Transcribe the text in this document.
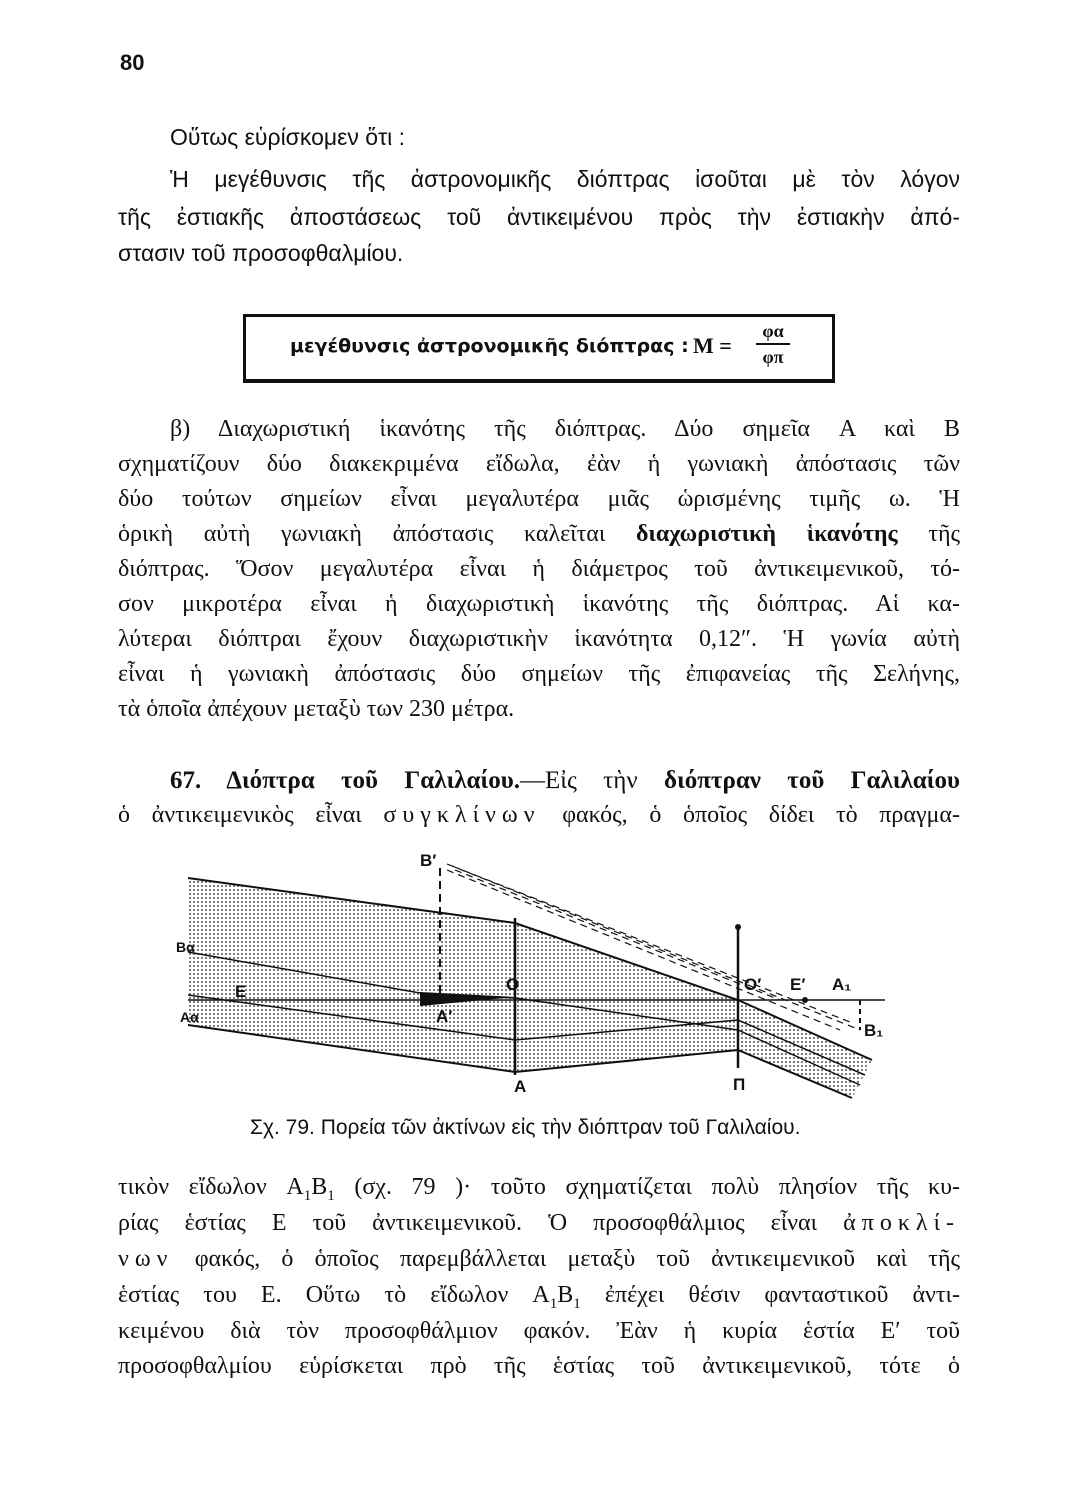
80
Οὕτως εὑρίσκομεν ὅτι :
Ἡ μεγέθυνσις τῆς ἀστρονομικῆς διόπτρας ἰσοῦται μὲ τὸν λόγον
τῆς ἐστιακῆς ἀποστάσεως τοῦ ἀντικειμένου πρὸς τὴν ἐστιακὴν ἀπό-
στασιν τοῦ προσοφθαλμίου.
μεγέθυνσις ἀστρονομικῆς διόπτρας : $M = \frac{\varphi\alpha}{\varphi\pi}$
β) Διαχωριστική ἱκανότης τῆς διόπτρας. Δύο σημεῖα A καὶ B
σχηματίζουν δύο διακεκριμένα εἴδωλα, ἐὰν ἡ γωνιακὴ ἀπόστασις τῶν
δύο τούτων σημείων εἶναι μεγαλυτέρα μιᾶς ὡρισμένης τιμῆς ω. Ἡ
ὁρικὴ αὐτὴ γωνιακὴ ἀπόστασις καλεῖται διαχωριστικὴ ἱκανότης τῆς
διόπτρας. Ὅσον μεγαλυτέρα εἶναι ἡ διάμετρος τοῦ ἀντικειμενικοῦ, τό-
σον μικροτέρα εἶναι ἡ διαχωριστικὴ ἱκανότης τῆς διόπτρας. Αἱ κα-
λύτεραι διόπτραι ἔχουν διαχωριστικὴν ἱκανότητα 0,12″. Ἡ γωνία αὐτὴ
εἶναι ἡ γωνιακὴ ἀπόστασις δύο σημείων τῆς ἐπιφανείας τῆς Σελήνης,
τὰ ὁποῖα ἀπέχουν μεταξὺ των 230 μέτρα.
67. Διόπτρα τοῦ Γαλιλαίου.—Εἰς τὴν διόπτραν τοῦ Γαλιλαίου
ὁ ἀντικειμενικὸς εἶναι συγκλίνων φακός, ὁ ὁποῖος δίδει τὸ πραγμα-
B′
Bα
E
Aα	A′
O
A
O′ E′ A₁
B₁
Π
Σχ. 79. Πορεία τῶν ἀκτίνων εἰς τὴν διόπτραν τοῦ Γαλιλαίου.
τικὸν εἴδωλον $A_1B_1$ (σχ. 79 )· τοῦτο σχηματίζεται πολὺ πλησίον τῆς κυ-
ρίας ἑστίας E τοῦ ἀντικειμενικοῦ. Ὁ προσοφθάλμιος εἶναι ἀποκλί-
νων φακός, ὁ ὁποῖος παρεμβάλλεται μεταξὺ τοῦ ἀντικειμενικοῦ καὶ τῆς
ἑστίας του E. Οὕτω τὸ εἴδωλον $A_1B_1$ ἐπέχει θέσιν φανταστικοῦ ἀντι-
κειμένου διὰ τὸν προσοφθάλμιον φακόν. Ἐὰν ἡ κυρία ἑστία E′ τοῦ
προσοφθαλμίου εὑρίσκεται πρὸ τῆς ἑστίας τοῦ ἀντικειμενικοῦ, τότε ὁ
